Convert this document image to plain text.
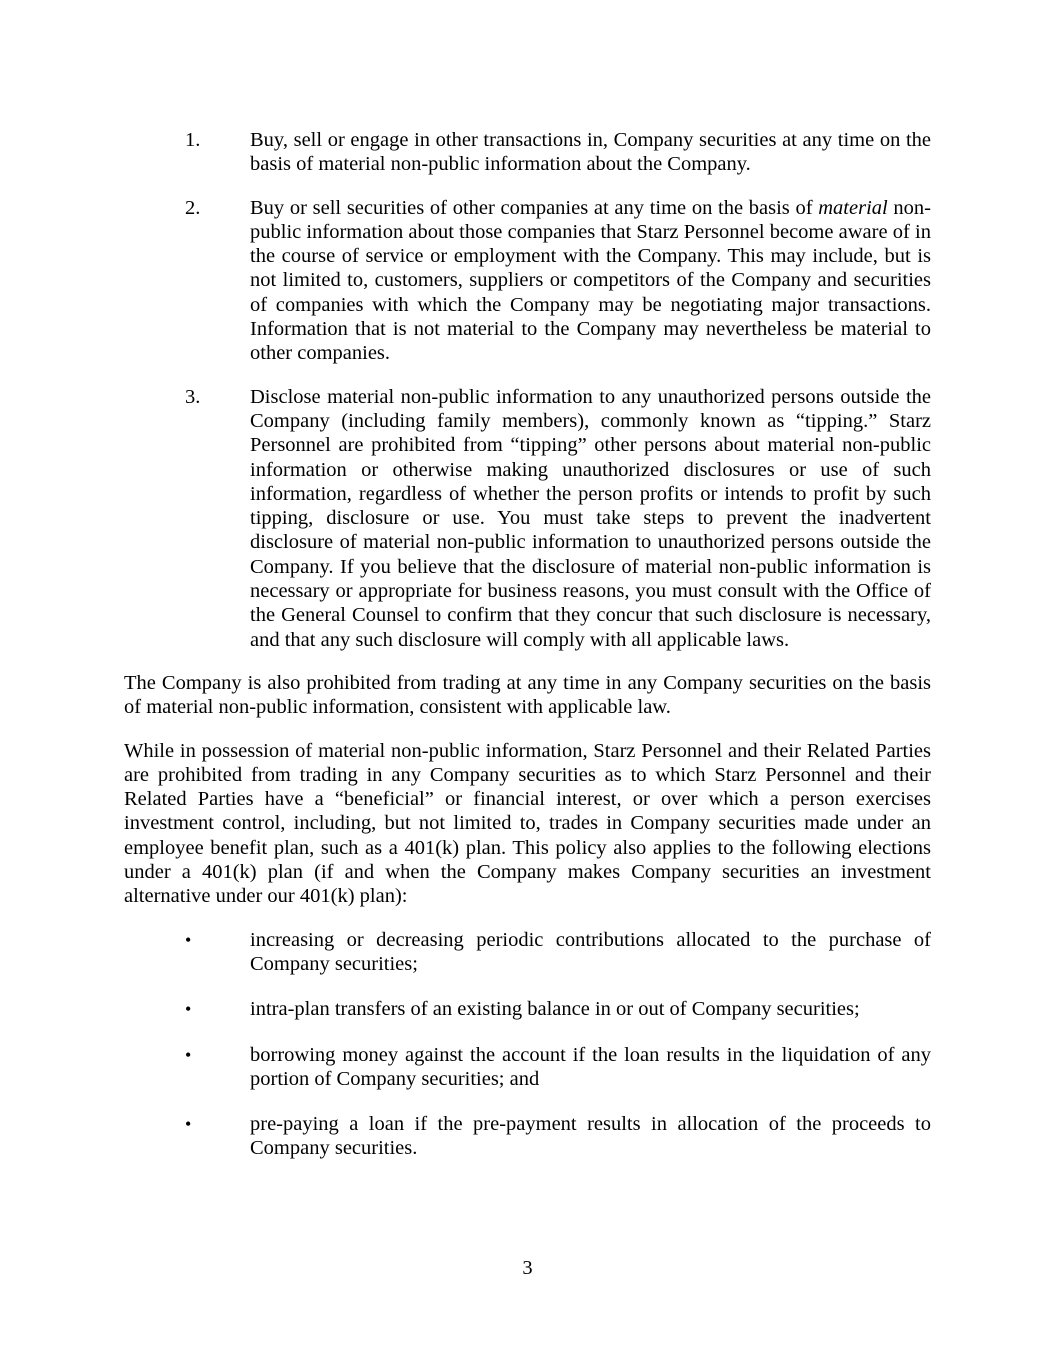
1.	Buy, sell or engage in other transactions in, Company securities at any time on the basis of material non-public information about the Company.
2.	Buy or sell securities of other companies at any time on the basis of material non-public information about those companies that Starz Personnel become aware of in the course of service or employment with the Company. This may include, but is not limited to, customers, suppliers or competitors of the Company and securities of companies with which the Company may be negotiating major transactions. Information that is not material to the Company may nevertheless be material to other companies.
3.	Disclose material non-public information to any unauthorized persons outside the Company (including family members), commonly known as “tipping.” Starz Personnel are prohibited from “tipping” other persons about material non-public information or otherwise making unauthorized disclosures or use of such information, regardless of whether the person profits or intends to profit by such tipping, disclosure or use. You must take steps to prevent the inadvertent disclosure of material non-public information to unauthorized persons outside the Company. If you believe that the disclosure of material non-public information is necessary or appropriate for business reasons, you must consult with the Office of the General Counsel to confirm that they concur that such disclosure is necessary, and that any such disclosure will comply with all applicable laws.

The Company is also prohibited from trading at any time in any Company securities on the basis of material non-public information, consistent with applicable law.

While in possession of material non-public information, Starz Personnel and their Related Parties are prohibited from trading in any Company securities as to which Starz Personnel and their Related Parties have a “beneficial” or financial interest, or over which a person exercises investment control, including, but not limited to, trades in Company securities made under an employee benefit plan, such as a 401(k) plan. This policy also applies to the following elections under a 401(k) plan (if and when the Company makes Company securities an investment alternative under our 401(k) plan):

•	increasing or decreasing periodic contributions allocated to the purchase of Company securities;
•	intra-plan transfers of an existing balance in or out of Company securities;
•	borrowing money against the account if the loan results in the liquidation of any portion of Company securities; and
•	pre-paying a loan if the pre-payment results in allocation of the proceeds to Company securities.
3
